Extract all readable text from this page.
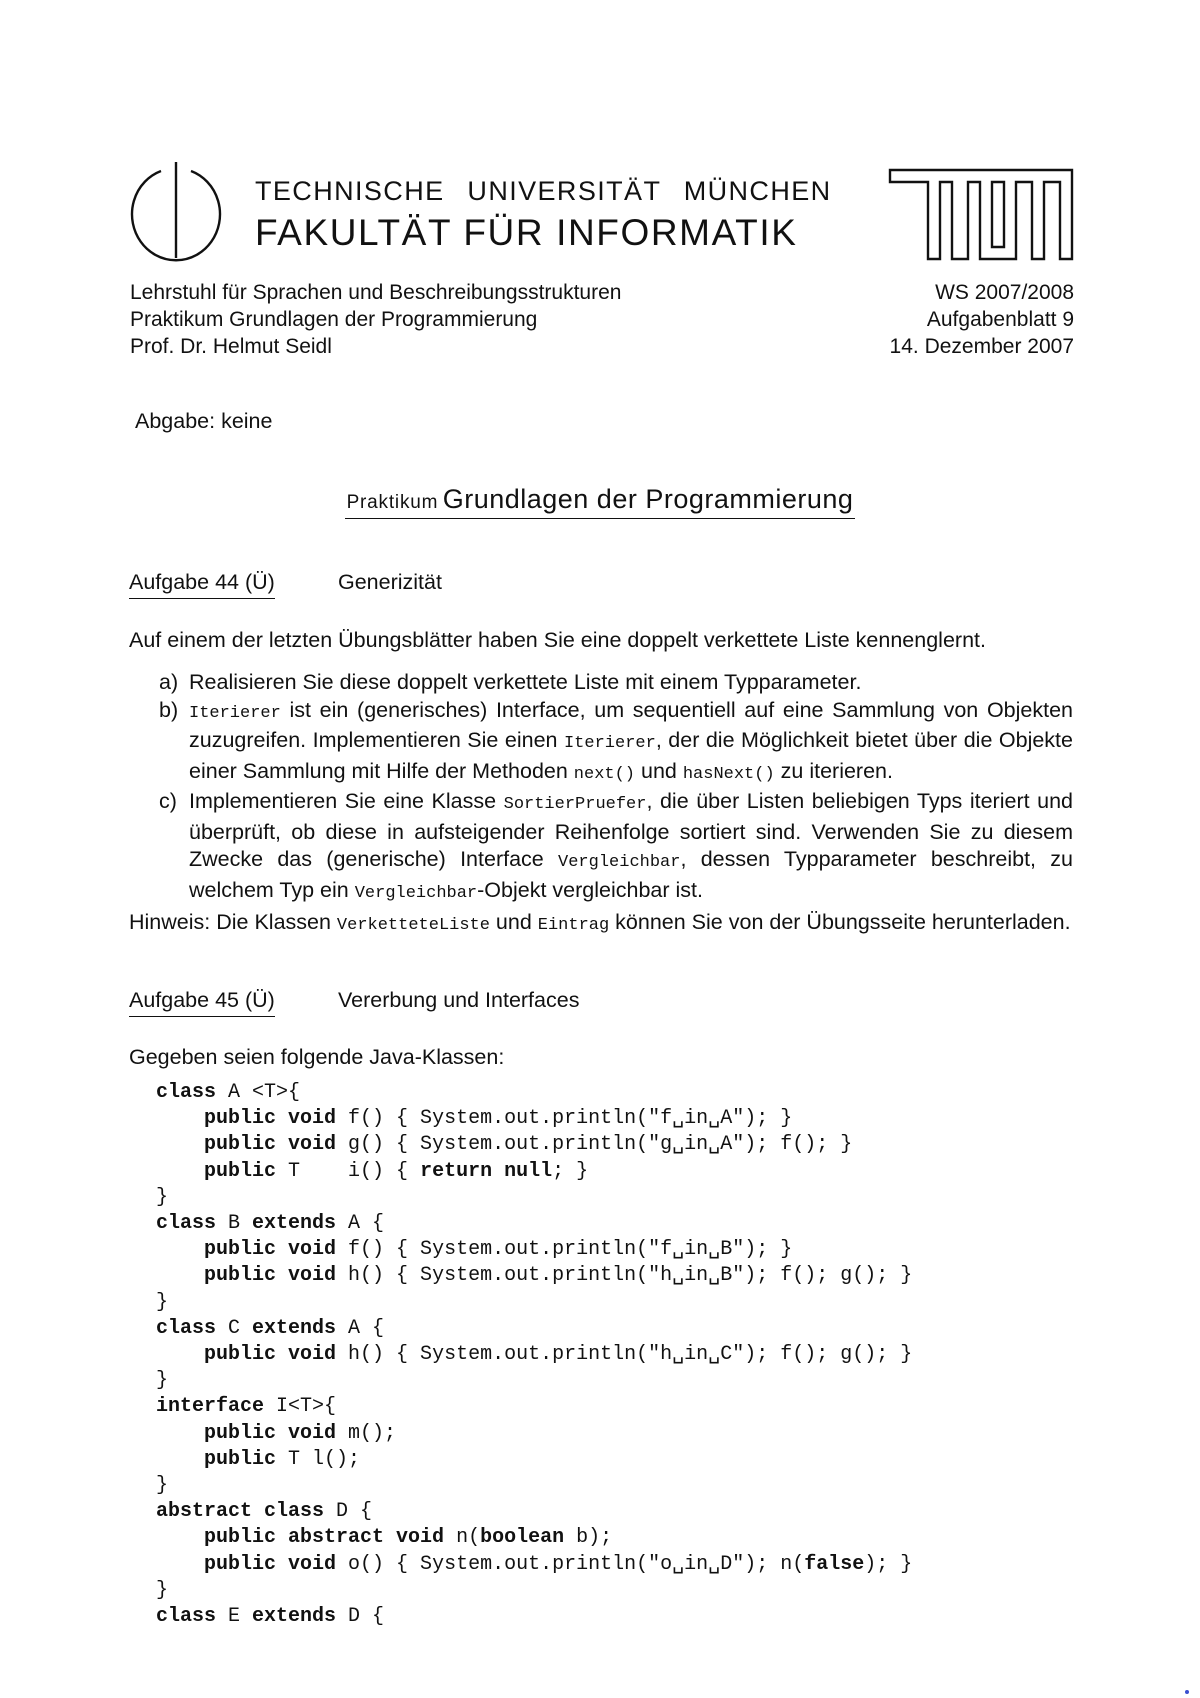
TECHNISCHE UNIVERSITÄT MÜNCHEN
FAKULTÄT FÜR INFORMATIK
Lehrstuhl für Sprachen und Beschreibungsstrukturen
Praktikum Grundlagen der Programmierung
Prof. Dr. Helmut Seidl
WS 2007/2008
Aufgabenblatt 9
14. Dezember 2007
Abgabe: keine
Praktikum Grundlagen der Programmierung
Aufgabe 44 (Ü)	Generizität
Auf einem der letzten Übungsblätter haben Sie eine doppelt verkettete Liste kennenglernt.
a) Realisieren Sie diese doppelt verkettete Liste mit einem Typparameter.
b) Iterierer ist ein (generisches) Interface, um sequentiell auf eine Sammlung von Objekten zuzugreifen. Implementieren Sie einen Iterierer, der die Möglichkeit bietet über die Objekte einer Sammlung mit Hilfe der Methoden next() und hasNext() zu iterieren.
c) Implementieren Sie eine Klasse SortierPruefer, die über Listen beliebigen Typs iteriert und überprüft, ob diese in aufsteigender Reihenfolge sortiert sind. Verwenden Sie zu diesem Zwecke das (generische) Interface Vergleichbar, dessen Typparameter beschreibt, zu welchem Typ ein Vergleichbar-Objekt vergleichbar ist.
Hinweis: Die Klassen VerketteteListe und Eintrag können Sie von der Übungsseite herunterladen.
Aufgabe 45 (Ü)	Vererbung und Interfaces
Gegeben seien folgende Java-Klassen:
class A <T>{
public void f() { System.out.println("f␣in␣A"); }
public void g() { System.out.println("g␣in␣A"); f(); }
public T    i() { return null; }
}
class B extends A {
public void f() { System.out.println("f␣in␣B"); }
public void h() { System.out.println("h␣in␣B"); f(); g(); }
}
class C extends A {
public void h() { System.out.println("h␣in␣C"); f(); g(); }
}
interface I<T>{
public void m();
public T l();
}
abstract class D {
public abstract void n(boolean b);
public void o() { System.out.println("o␣in␣D"); n(false); }
}
class E extends D {
